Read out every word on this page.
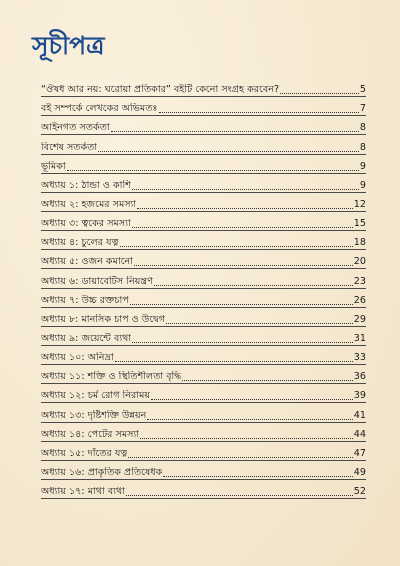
সূচীপত্র
“ঔষধ আর নয়: ঘরোয়া প্রতিকার” বইটি কেনো সংগ্রহ করবেন?	5
বই সম্পর্কে লেখকের অভিমতঃ	7
আইনগত সতর্কতা	8
বিশেষ সতর্কতা	8
ভূমিকা	9
অধ্যায় ১: ঠান্ডা ও কাশি	9
অধ্যায় ২: হজমের সমস্যা	12
অধ্যায় ৩: ত্বকের সমস্যা	15
অধ্যায় ৪: চুলের যত্ন	18
অধ্যায় ৫: ওজন কমানো	20
অধ্যায় ৬: ডায়াবেটিস নিয়ন্ত্রণ	23
অধ্যায় ৭: উচ্চ রক্তচাপ	26
অধ্যায় ৮: মানসিক চাপ ও উদ্বেগ	29
অধ্যায় ৯: জয়েন্টে ব্যথা	31
অধ্যায় ১০: অনিদ্রা	33
অধ্যায় ১১: শক্তি ও স্থিতিশীলতা বৃদ্ধি	36
অধ্যায় ১২: চর্ম রোগ নিরাময়	39
অধ্যায় ১৩: দৃষ্টিশক্তি উন্নয়ন	41
অধ্যায় ১৪: পেটের সমস্যা	44
অধ্যায় ১৫: দাঁতের যত্ন	47
অধ্যায় ১৬: প্রাকৃতিক প্রতিষেধক	49
অধ্যায় ১৭: মাথা ব্যথা	52
